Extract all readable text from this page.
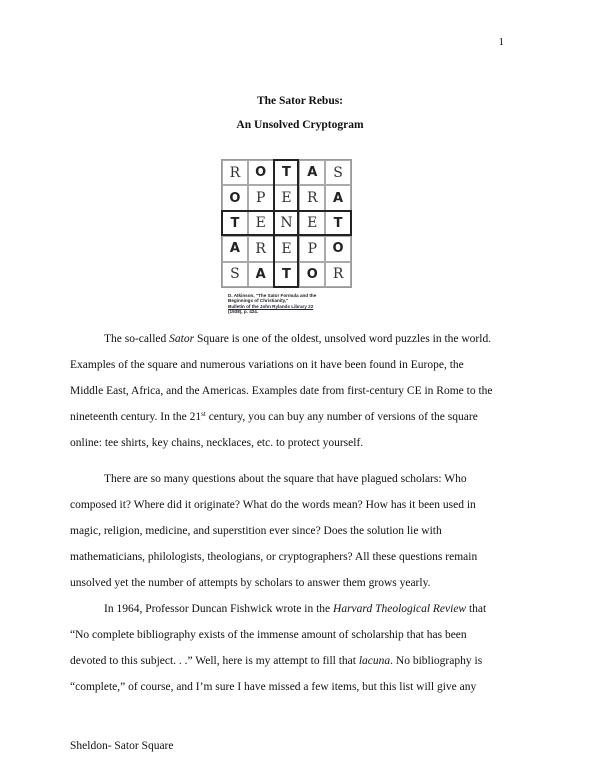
1
The Sator Rebus:
An Unsolved Cryptogram
R	O	T	A	S
O	P	E	R	A
T	E	N	E	T
A	R	E	P	O
S	A	T	O	R
D. Atkinson, "The Sator Formula and the
Beginnings of Christianity,"
Bulletin of the John Rylands Library 22
(1938), p. 424.
The so-called Sator Square is one of the oldest, unsolved word puzzles in the world.
Examples of the square and numerous variations on it have been found in Europe, the
Middle East, Africa, and the Americas. Examples date from first-century CE in Rome to the
nineteenth century. In the 21st century, you can buy any number of versions of the square
online: tee shirts, key chains, necklaces, etc. to protect yourself.
There are so many questions about the square that have plagued scholars: Who
composed it? Where did it originate? What do the words mean? How has it been used in
magic, religion, medicine, and superstition ever since? Does the solution lie with
mathematicians, philologists, theologians, or cryptographers? All these questions remain
unsolved yet the number of attempts by scholars to answer them grows yearly.
In 1964, Professor Duncan Fishwick wrote in the Harvard Theological Review that
“No complete bibliography exists of the immense amount of scholarship that has been
devoted to this subject. . .” Well, here is my attempt to fill that lacuna. No bibliography is
“complete,” of course, and I’m sure I have missed a few items, but this list will give any
Sheldon- Sator Square
